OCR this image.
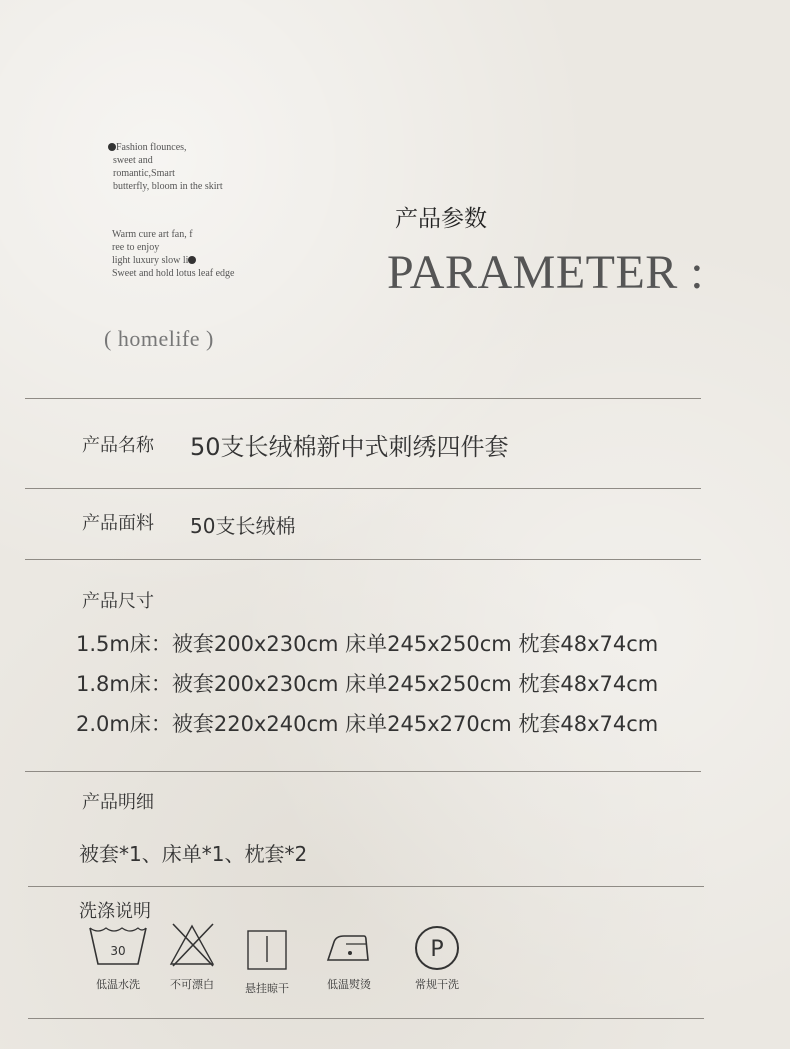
Fashion flounces,
sweet and
romantic,Smart
butterfly, bloom in the skirt
Warm cure art fan, f
ree to enjoy
light luxury slow li
Sweet and hold lotus leaf edge
( homelife )
产品参数
PARAMETER :
产品名称 50支长绒棉新中式刺绣四件套
产品面料 50支长绒棉
产品尺寸
1.5m床：被套200x230cm 床单245x250cm 枕套48x74cm
1.8m床：被套200x230cm 床单245x250cm 枕套48x74cm
2.0m床：被套220x240cm 床单245x270cm 枕套48x74cm
产品明细
被套*1、床单*1、枕套*2
洗涤说明
30
低温水洗	不可漂白	悬挂晾干	低温熨烫
P
常规干洗
